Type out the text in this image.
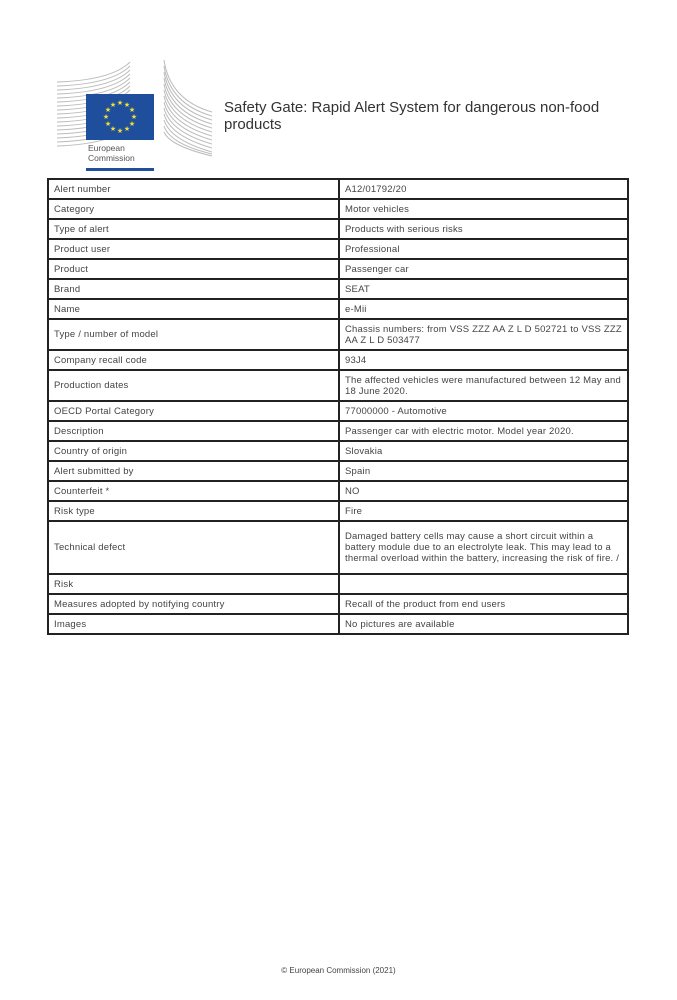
★ ★
★
★
★
★
★
★
★
★
★
★
European
Commission
Safety Gate: Rapid Alert System for dangerous non-food products
Alert number	A12/01792/20
Category	Motor vehicles
Type of alert	Products with serious risks
Product user	Professional
Product	Passenger car
Brand	SEAT
Name	e-Mii
Type / number of model	Chassis numbers: from VSS ZZZ AA Z L D 502721 to VSS ZZZ AA Z L D 503477
Company recall code	93J4
Production dates	The affected vehicles were manufactured between 12 May and 18 June 2020.
OECD Portal Category	77000000 - Automotive
Description	Passenger car with electric motor. Model year 2020.
Country of origin	Slovakia
Alert submitted by	Spain
Counterfeit *	NO
Risk type	Fire
Technical defect	Damaged battery cells may cause a short circuit within a battery module due to an electrolyte leak. This may lead to a thermal overload within the battery, increasing the risk of fire. /
Risk	
Measures adopted by notifying country	Recall of the product from end users
Images	No pictures are available
© European Commission (2021)
